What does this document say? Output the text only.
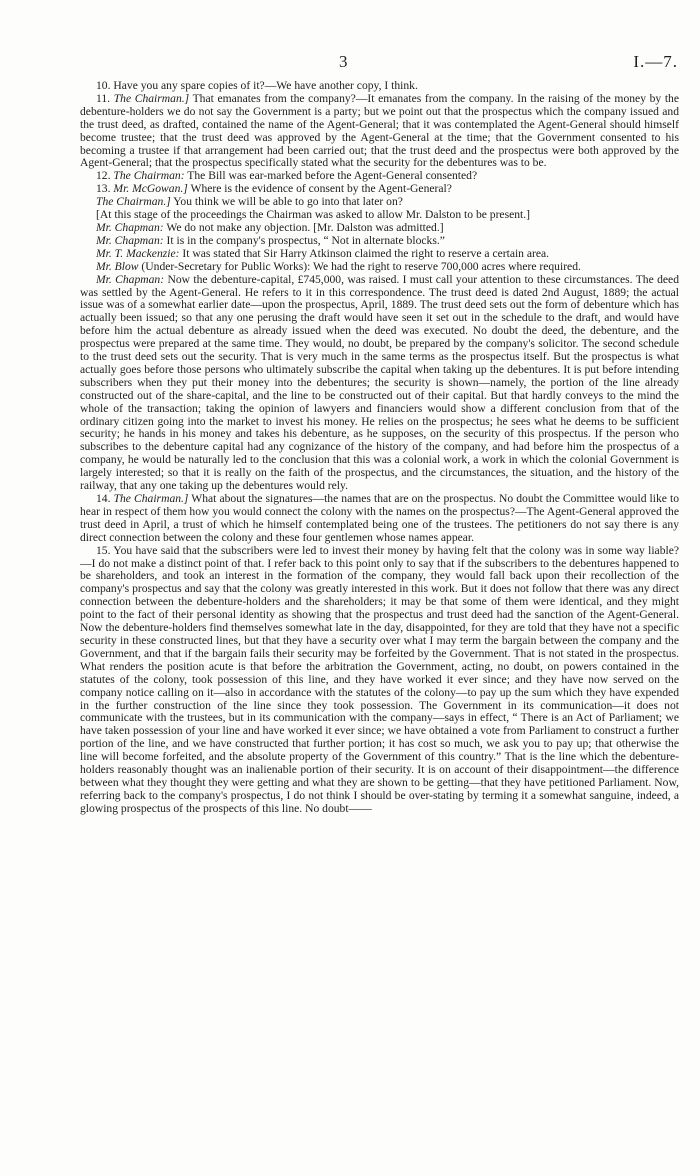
3	I.—7.

10. Have you any spare copies of it?—We have another copy, I think.

11. The Chairman.] That emanates from the company?—It emanates from the company. In the raising of the money by the debenture-holders we do not say the Government is a party; but we point out that the prospectus which the company issued and the trust deed, as drafted, contained the name of the Agent-General; that it was contemplated the Agent-General should himself become trustee; that the trust deed was approved by the Agent-General at the time; that the Government consented to his becoming a trustee if that arrangement had been carried out; that the trust deed and the prospectus were both approved by the Agent-General; that the prospectus specifically stated what the security for the debentures was to be.

12. The Chairman: The Bill was ear-marked before the Agent-General consented?

13. Mr. McGowan.] Where is the evidence of consent by the Agent-General?

The Chairman.] You think we will be able to go into that later on?

[At this stage of the proceedings the Chairman was asked to allow Mr. Dalston to be present.]

Mr. Chapman: We do not make any objection. [Mr. Dalston was admitted.]

Mr. Chapman: It is in the company's prospectus, “ Not in alternate blocks.”

Mr. T. Mackenzie: It was stated that Sir Harry Atkinson claimed the right to reserve a certain area.

Mr. Blow (Under-Secretary for Public Works): We had the right to reserve 700,000 acres where required.

Mr. Chapman: Now the debenture-capital, £745,000, was raised. I must call your attention to these circumstances. The deed was settled by the Agent-General. He refers to it in this correspondence. The trust deed is dated 2nd August, 1889; the actual issue was of a somewhat earlier date—upon the prospectus, April, 1889. The trust deed sets out the form of debenture which has actually been issued; so that any one perusing the draft would have seen it set out in the schedule to the draft, and would have before him the actual debenture as already issued when the deed was executed. No doubt the deed, the debenture, and the prospectus were prepared at the same time. They would, no doubt, be prepared by the company's solicitor. The second schedule to the trust deed sets out the security. That is very much in the same terms as the prospectus itself. But the prospectus is what actually goes before those persons who ultimately subscribe the capital when taking up the debentures. It is put before intending subscribers when they put their money into the debentures; the security is shown—namely, the portion of the line already constructed out of the share-capital, and the line to be constructed out of their capital. But that hardly conveys to the mind the whole of the transaction; taking the opinion of lawyers and financiers would show a different conclusion from that of the ordinary citizen going into the market to invest his money. He relies on the prospectus; he sees what he deems to be sufficient security; he hands in his money and takes his debenture, as he supposes, on the security of this prospectus. If the person who subscribes to the debenture capital had any cognizance of the history of the company, and had before him the prospectus of a company, he would be naturally led to the conclusion that this was a colonial work, a work in which the colonial Government is largely interested; so that it is really on the faith of the prospectus, and the circumstances, the situation, and the history of the railway, that any one taking up the debentures would rely.

14. The Chairman.] What about the signatures—the names that are on the prospectus. No doubt the Committee would like to hear in respect of them how you would connect the colony with the names on the prospectus?—The Agent-General approved the trust deed in April, a trust of which he himself contemplated being one of the trustees. The petitioners do not say there is any direct connection between the colony and these four gentlemen whose names appear.

15. You have said that the subscribers were led to invest their money by having felt that the colony was in some way liable?—I do not make a distinct point of that. I refer back to this point only to say that if the subscribers to the debentures happened to be shareholders, and took an interest in the formation of the company, they would fall back upon their recollection of the company's prospectus and say that the colony was greatly interested in this work. But it does not follow that there was any direct connection between the debenture-holders and the shareholders; it may be that some of them were identical, and they might point to the fact of their personal identity as showing that the prospectus and trust deed had the sanction of the Agent-General. Now the debenture-holders find themselves somewhat late in the day, disappointed, for they are told that they have not a specific security in these constructed lines, but that they have a security over what I may term the bargain between the company and the Government, and that if the bargain fails their security may be forfeited by the Government. That is not stated in the prospectus. What renders the position acute is that before the arbitration the Government, acting, no doubt, on powers contained in the statutes of the colony, took possession of this line, and they have worked it ever since; and they have now served on the company notice calling on it—also in accordance with the statutes of the colony—to pay up the sum which they have expended in the further construction of the line since they took possession. The Government in its communication—it does not communicate with the trustees, but in its communication with the company—says in effect, “ There is an Act of Parliament; we have taken possession of your line and have worked it ever since; we have obtained a vote from Parliament to construct a further portion of the line, and we have constructed that further portion; it has cost so much, we ask you to pay up; that otherwise the line will become forfeited, and the absolute property of the Government of this country.” That is the line which the debenture-holders reasonably thought was an inalienable portion of their security. It is on account of their disappointment—the difference between what they thought they were getting and what they are shown to be getting—that they have petitioned Parliament. Now, referring back to the company's prospectus, I do not think I should be over-stating by terming it a somewhat sanguine, indeed, a glowing prospectus of the prospects of this line. No doubt——
